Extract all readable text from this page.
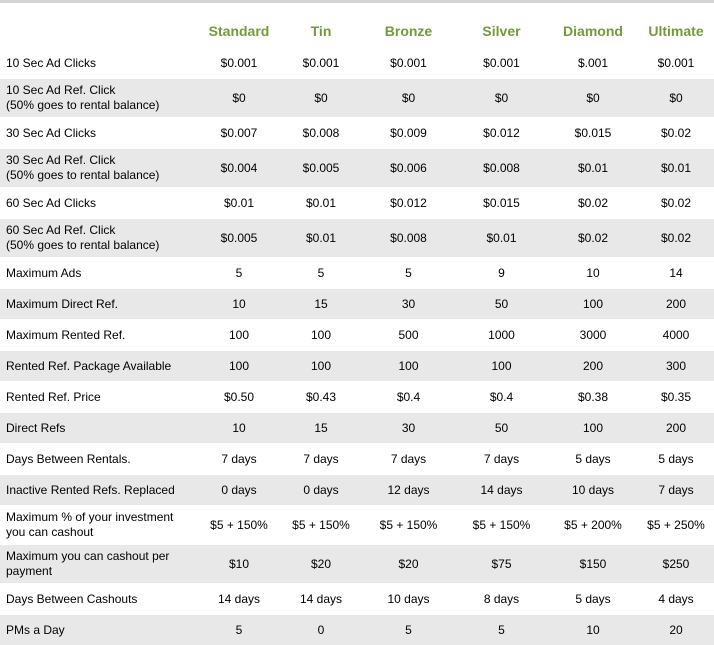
	Standard	Tin	Bronze	Silver	Diamond	Ultimate
10 Sec Ad Clicks	$0.001	$0.001	$0.001	$0.001	$.001	$0.001
10 Sec Ad Ref. Click
(50% goes to rental balance)	$0	$0	$0	$0	$0	$0
30 Sec Ad Clicks	$0.007	$0.008	$0.009	$0.012	$0.015	$0.02
30 Sec Ad Ref. Click
(50% goes to rental balance)	$0.004	$0.005	$0.006	$0.008	$0.01	$0.01
60 Sec Ad Clicks	$0.01	$0.01	$0.012	$0.015	$0.02	$0.02
60 Sec Ad Ref. Click
(50% goes to rental balance)	$0.005	$0.01	$0.008	$0.01	$0.02	$0.02
Maximum Ads	5	5	5	9	10	14
Maximum Direct Ref.	10	15	30	50	100	200
Maximum Rented Ref.	100	100	500	1000	3000	4000
Rented Ref. Package Available	100	100	100	100	200	300
Rented Ref. Price	$0.50	$0.43	$0.4	$0.4	$0.38	$0.35
Direct Refs	10	15	30	50	100	200
Days Between Rentals.	7 days	7 days	7 days	7 days	5 days	5 days
Inactive Rented Refs. Replaced	0 days	0 days	12 days	14 days	10 days	7 days
Maximum % of your investment
you can cashout	$5 + 150%	$5 + 150%	$5 + 150%	$5 + 150%	$5 + 200%	$5 + 250%
Maximum you can cashout per
payment	$10	$20	$20	$75	$150	$250
Days Between Cashouts	14 days	14 days	10 days	8 days	5 days	4 days
PMs a Day	5	0	5	5	10	20
